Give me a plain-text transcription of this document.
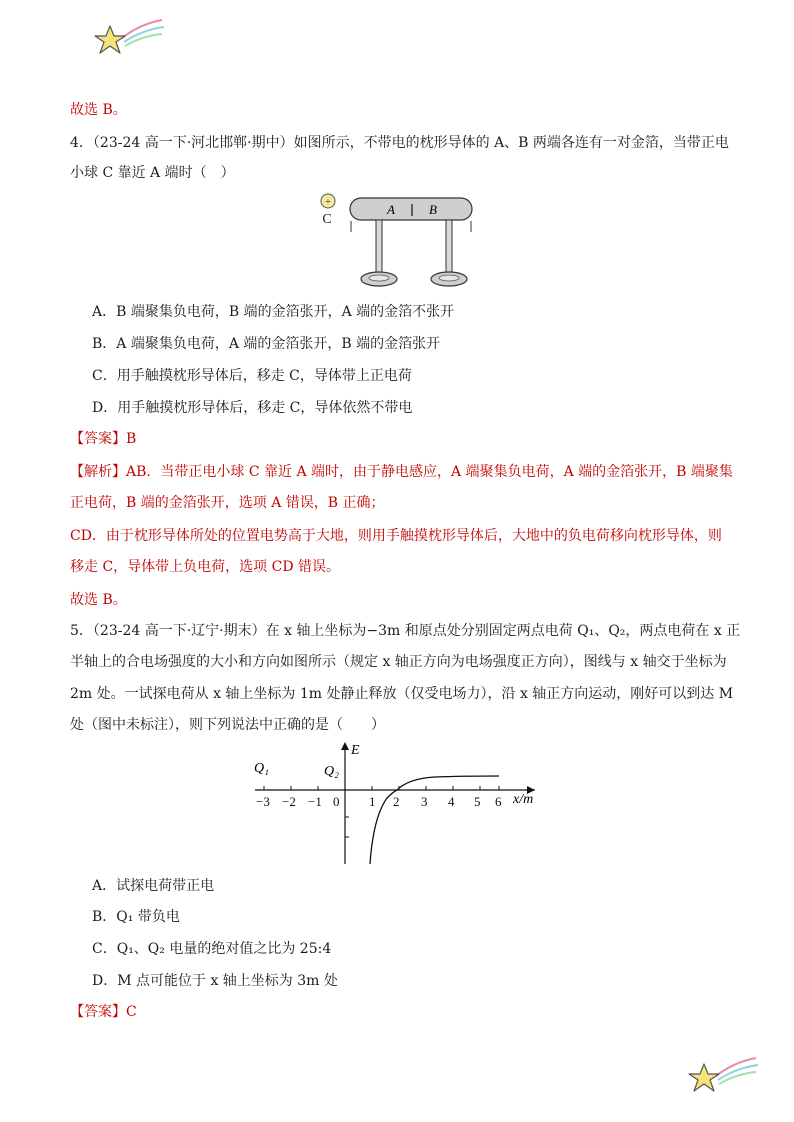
故选 B。
4．（23-24 高一下·河北邯郸·期中）如图所示，不带电的枕形导体的 A、B 两端各连有一对金箔，当带正电
小球 C 靠近 A 端时（　）
+
C
A	B
A．B 端聚集负电荷，B 端的金箔张开，A 端的金箔不张开
B．A 端聚集负电荷，A 端的金箔张开，B 端的金箔张开
C．用手触摸枕形导体后，移走 C，导体带上正电荷
D．用手触摸枕形导体后，移走 C，导体依然不带电
【答案】B
【解析】AB．当带正电小球 C 靠近 A 端时，由于静电感应，A 端聚集负电荷，A 端的金箔张开，B 端聚集
正电荷，B 端的金箔张开，选项 A 错误，B 正确；
CD．由于枕形导体所处的位置电势高于大地，则用手触摸枕形导体后，大地中的负电荷移向枕形导体，则
移走 C，导体带上负电荷，选项 CD 错误。
故选 B。
5．（23-24 高一下·辽宁·期末）在 x 轴上坐标为−3m 和原点处分别固定两点电荷 Q₁、Q₂，两点电荷在 x 正
半轴上的合电场强度的大小和方向如图所示（规定 x 轴正方向为电场强度正方向），图线与 x 轴交于坐标为
2m 处。一试探电荷从 x 轴上坐标为 1m 处静止释放（仅受电场力），沿 x 轴正方向运动，刚好可以到达 M
处（图中未标注），则下列说法中正确的是（　　）
E
x/m
Q₁	Q₂
−3 −2 −1 0 1 2 3 4 5 6
A．试探电荷带正电
B．Q₁ 带负电
C．Q₁、Q₂ 电量的绝对值之比为 25:4
D．M 点可能位于 x 轴上坐标为 3m 处
【答案】C
